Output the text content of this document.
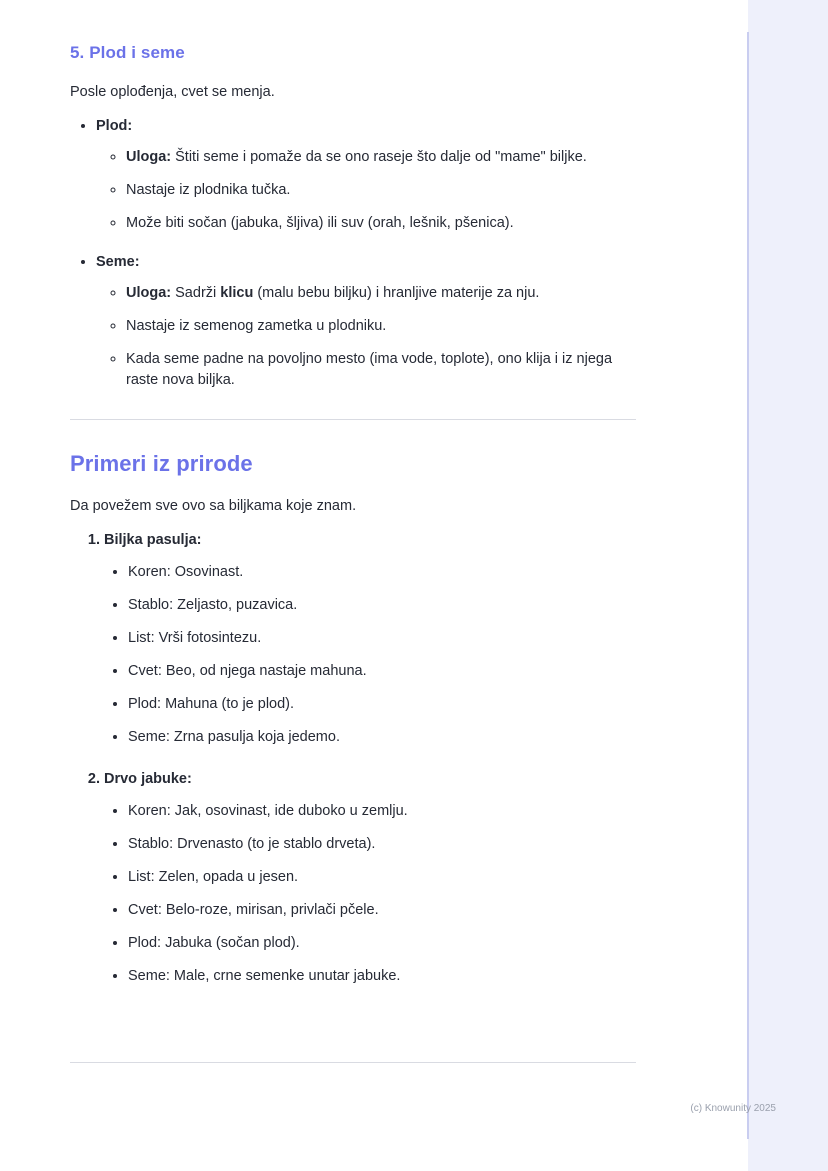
5. Plod i seme

Posle oplođenja, cvet se menja.

• Plod:
◦ Uloga: Štiti seme i pomaže da se ono raseje što dalje od "mame" biljke.
◦ Nastaje iz plodnika tučka.
◦ Može biti sočan (jabuka, šljiva) ili suv (orah, lešnik, pšenica).
• Seme:
◦ Uloga: Sadrži klicu (malu bebu biljku) i hranljive materije za nju.
◦ Nastaje iz semenog zametka u plodniku.
◦ Kada seme padne na povoljno mesto (ima vode, toplote), ono klija i iz njega raste nova biljka.
Primeri iz prirode

Da povežem sve ovo sa biljkama koje znam.

1. Biljka pasulja:
• Koren: Osovinast.
• Stablo: Zeljasto, puzavica.
• List: Vrši fotosintezu.
• Cvet: Beo, od njega nastaje mahuna.
• Plod: Mahuna (to je plod).
• Seme: Zrna pasulja koja jedemo.
2. Drvo jabuke:
• Koren: Jak, osovinast, ide duboko u zemlju.
• Stablo: Drvenasto (to je stablo drveta).
• List: Zelen, opada u jesen.
• Cvet: Belo-roze, mirisan, privlači pčele.
• Plod: Jabuka (sočan plod).
• Seme: Male, crne semenke unutar jabuke.
(c) Knowunity 2025
